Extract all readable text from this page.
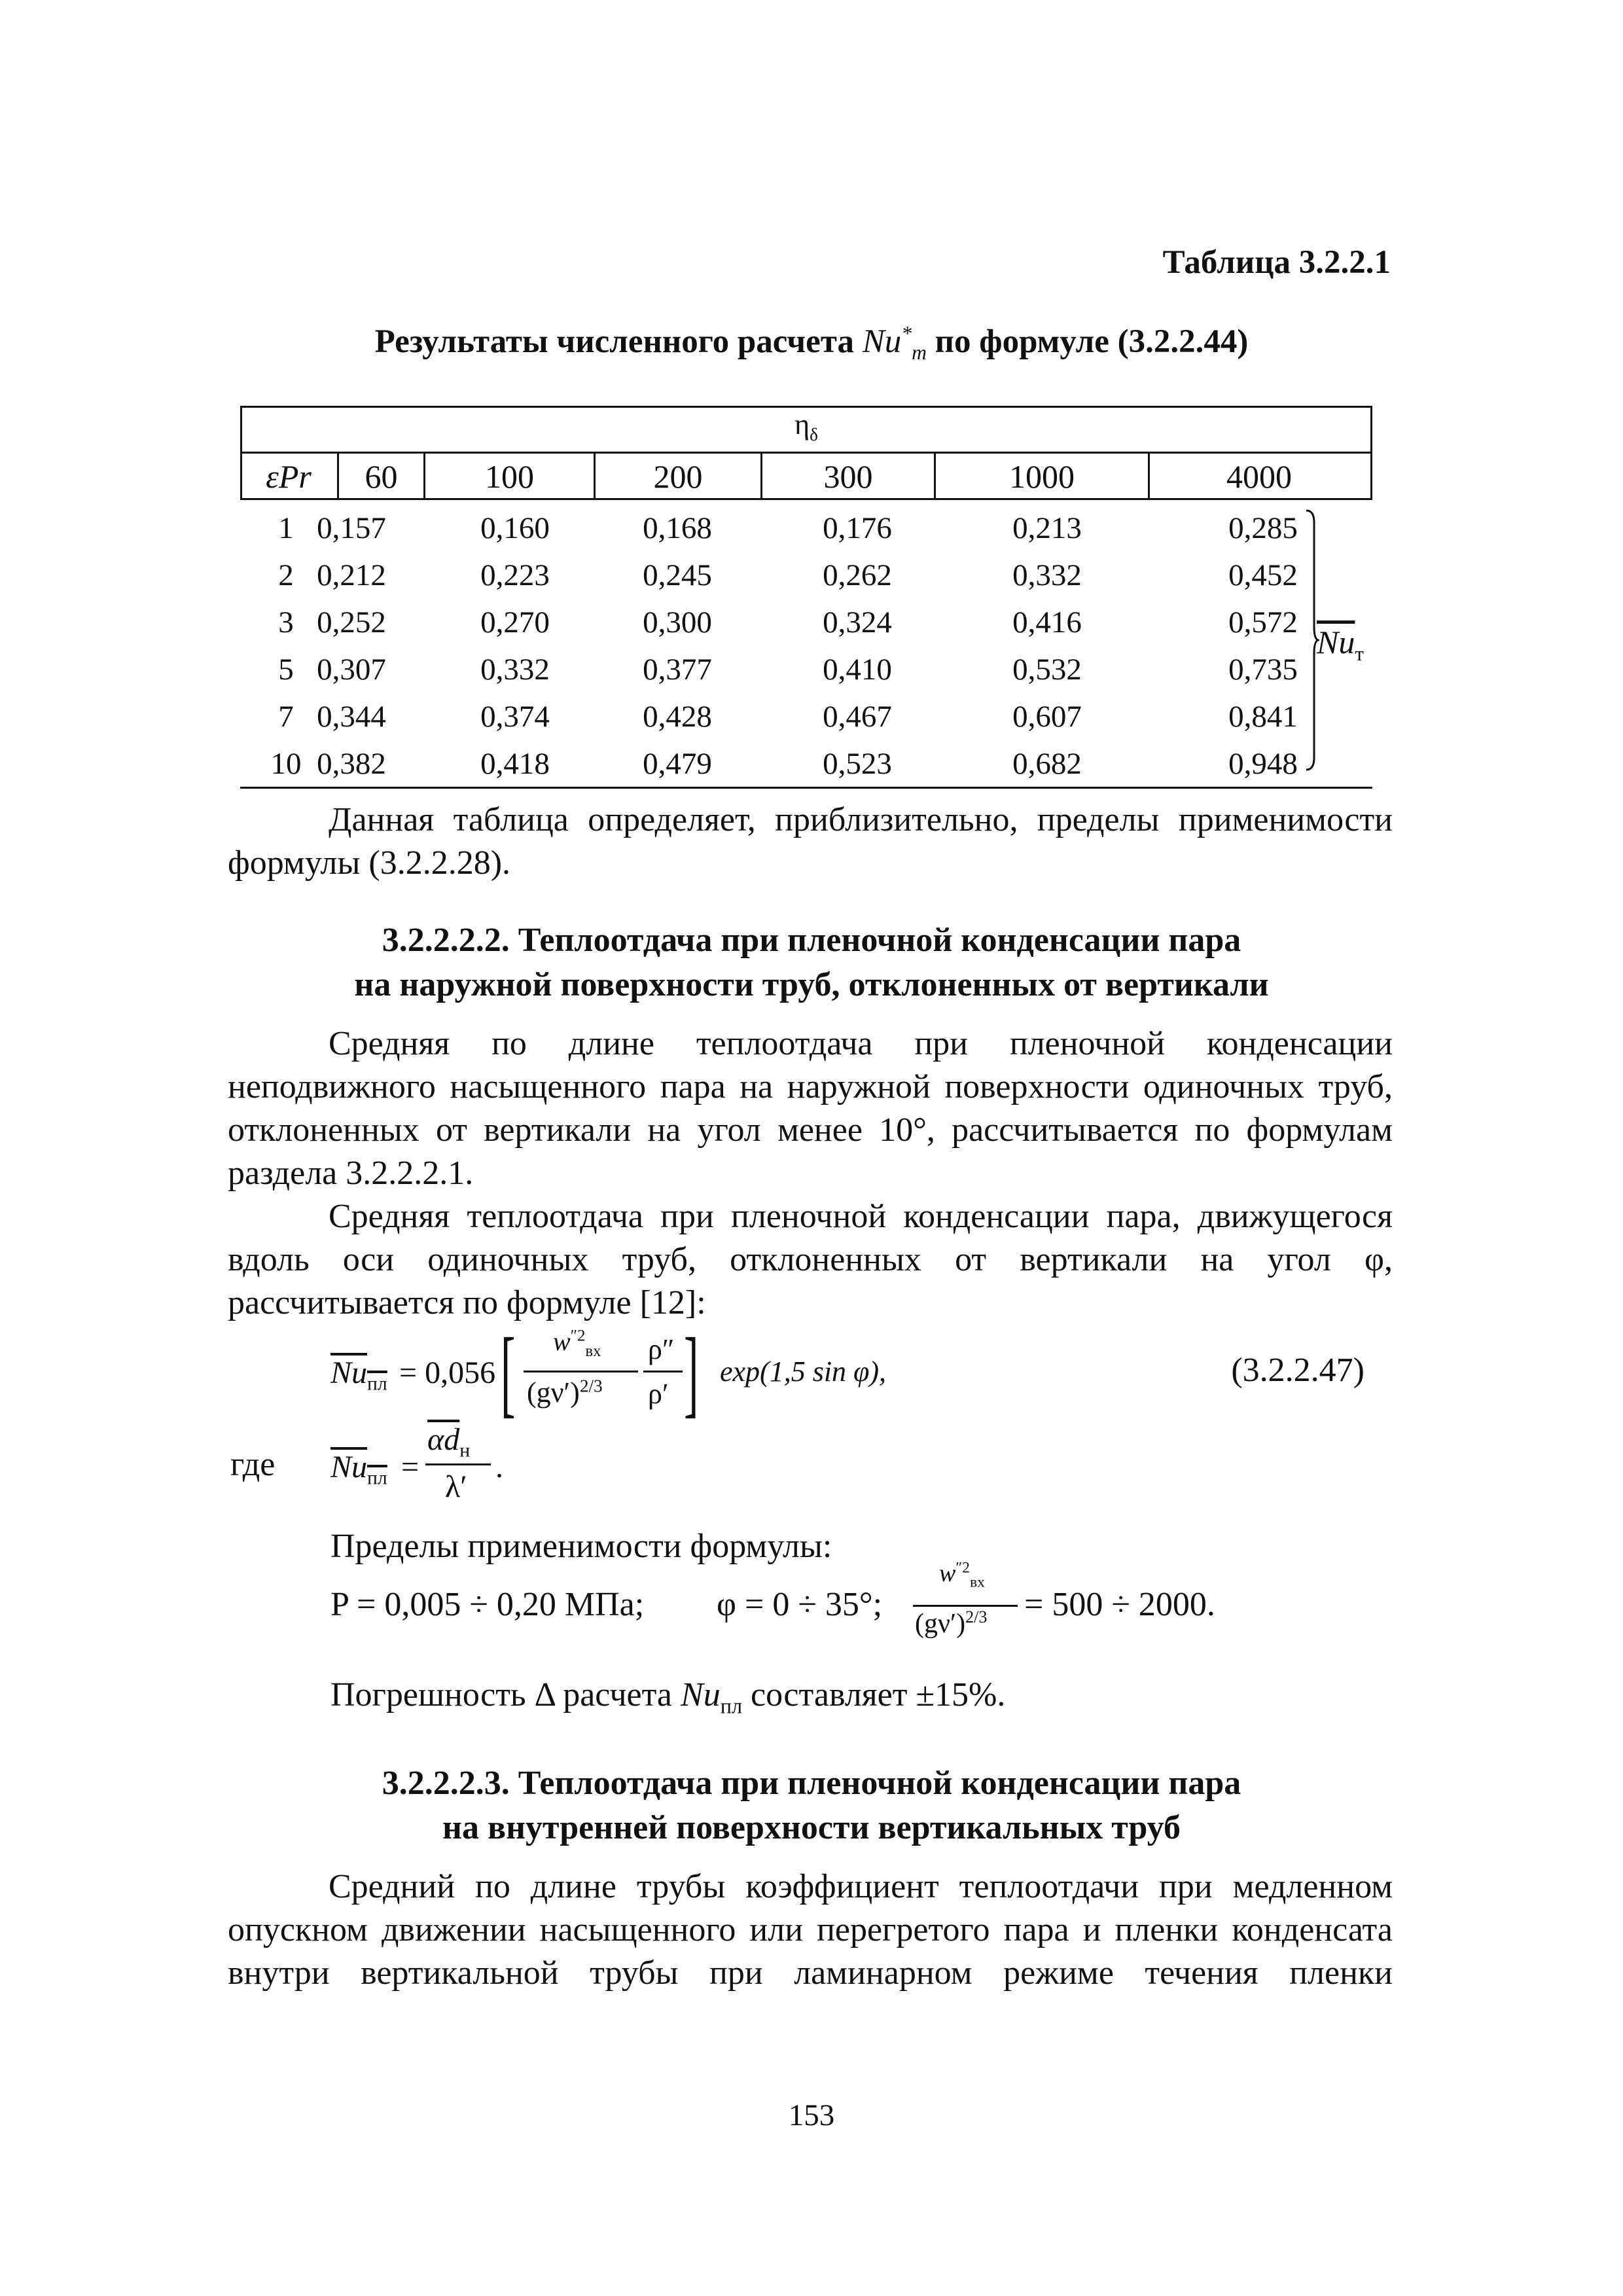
Таблица 3.2.2.1
Результаты численного расчета $Nu^*_т$ по формуле (3.2.2.44)
$\eta_\delta$
εPr	60	100	200	300	1000	4000
1 0,157	0,160	0,168	0,176	0,213	0,285
2 0,212	0,223	0,245	0,262	0,332	0,452
3 0,252	0,270	0,300	0,324	0,416	0,572
5 0,307	0,332	0,377	0,410	0,532	0,735
7 0,344	0,374	0,428	0,467	0,607	0,841
10 0,382	0,418	0,479	0,523	0,682	0,948
$\overline{Nu}_т$
Данная таблица определяет, приблизительно, пределы применимости формулы (3.2.2.28).
3.2.2.2.2. Теплоотдача при пленочной конденсации пара
на наружной поверхности труб, отклоненных от вертикали
Средняя по длине теплоотдача при пленочной конденсации неподвижного насыщенного пара на наружной поверхности одиночных труб, отклоненных от вертикали на угол менее 10°, рассчитывается по формулам раздела 3.2.2.2.1.
Средняя теплоотдача при пленочной конденсации пара, движущегося вдоль оси одиночных труб, отклоненных от вертикали на угол φ, рассчитывается по формуле [12]:
$Nu_{пл} = 0,056$ [ $w^{''2}_{вх}$
$(g\nu')^{2/3}$
ρ″
ρ′ ] exp(1,5 sin φ),	(3.2.2.47)
где $Nu_{пл}$ =
$\overline{\alpha d}_н$
λ′
.
Пределы применимости формулы:
P = 0,005 ÷ 0,20 МПа; φ = 0 ÷ 35°;
$w^{''2}_{вх}$
$(g\nu')^{2/3} = 500 \div 2000$.
Погрешность Δ расчета $Nu_{пл}$ составляет ±15%.
3.2.2.2.3. Теплоотдача при пленочной конденсации пара
на внутренней поверхности вертикальных труб
Средний по длине трубы коэффициент теплоотдачи при медленном опускном движении насыщенного или перегретого пара и пленки конденсата внутри вертикальной трубы при ламинарном режиме течения пленки
153
